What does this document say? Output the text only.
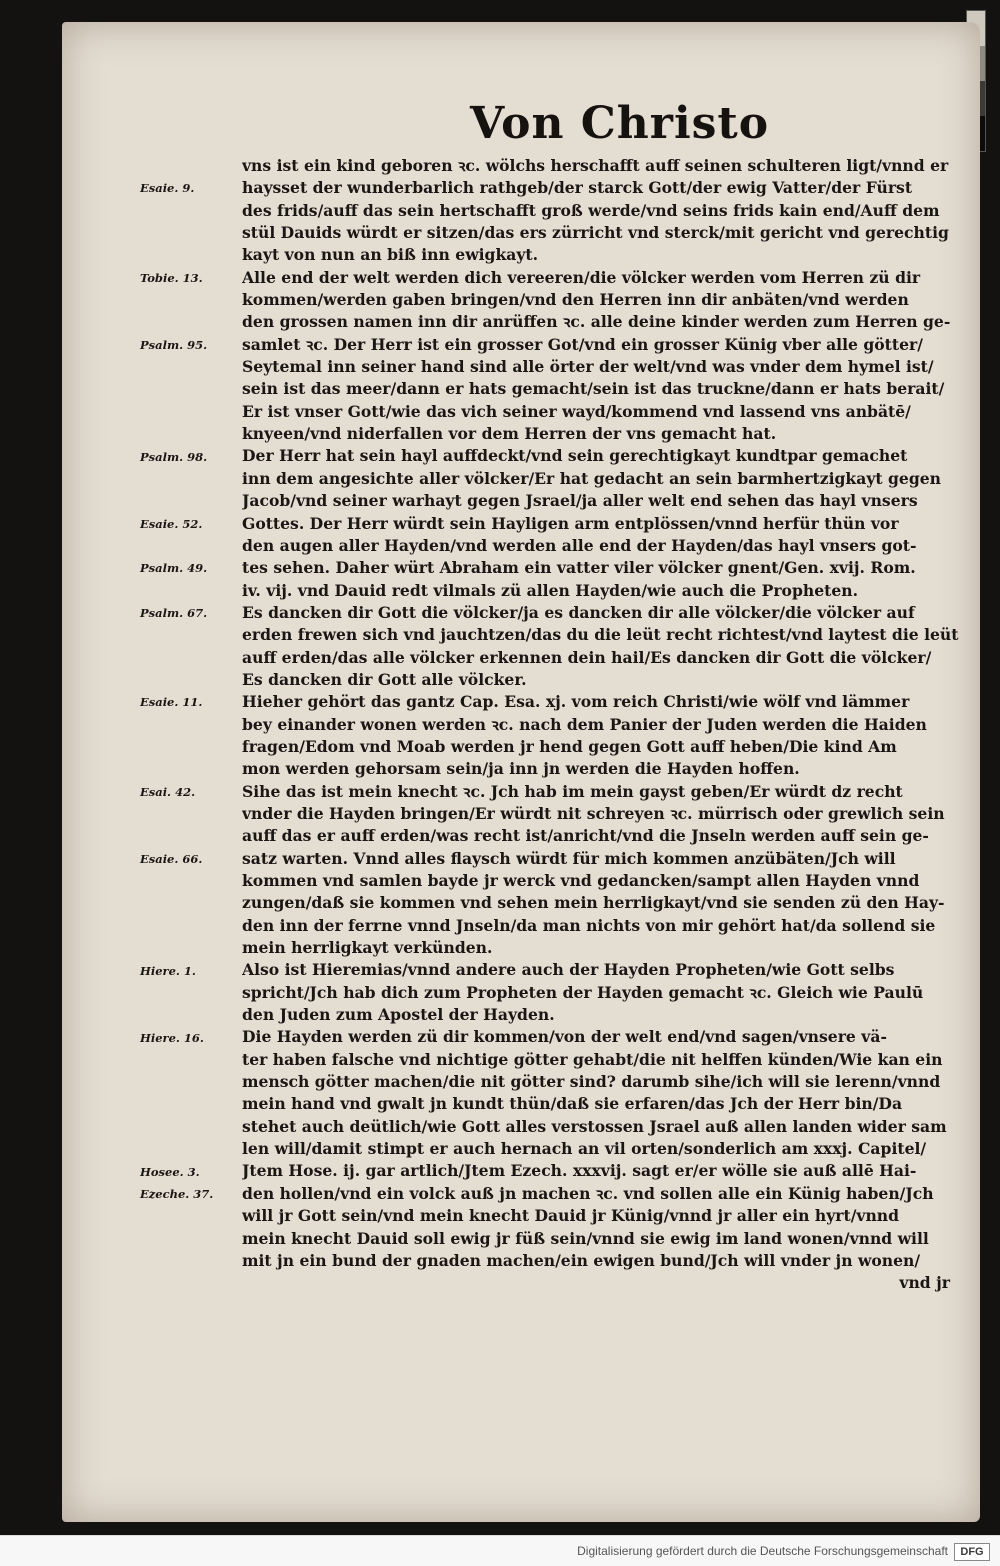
Von Christo
Esaie. 9.
Tobie. 13.
Psalm. 95.
Psalm. 98.
Esaie. 52.
Psalm. 49.
Psalm. 67.
Esaie. 11.
Esai. 42.
Esaie. 66.
Hiere. 1.
Hiere. 16.
Hosee. 3.
Ezeche. 37.
vns ist ein kind geboren ꝛc. wölchs herschafft auff seinen schulteren ligt/vnnd er
haysset der wunderbarlich rathgeb/der starck Gott/der ewig Vatter/der Fürst
des frids/auff das sein hertschafft groß werde/vnd seins frids kain end/Auff dem
stül Dauids würdt er sitzen/das ers zürricht vnd sterck/mit gericht vnd gerechtig
kayt von nun an biß inn ewigkayt.
Alle end der welt werden dich vereeren/die völcker werden vom Herren zü dir
kommen/werden gaben bringen/vnd den Herren inn dir anbäten/vnd werden
den grossen namen inn dir anrüffen ꝛc. alle deine kinder werden zum Herren ge-
samlet ꝛc. Der Herr ist ein grosser Got/vnd ein grosser Künig vber alle götter/
Seytemal inn seiner hand sind alle örter der welt/vnd was vnder dem hymel ist/
sein ist das meer/dann er hats gemacht/sein ist das truckne/dann er hats berait/
Er ist vnser Gott/wie das vich seiner wayd/kommend vnd lassend vns anbätē/
knyeen/vnd niderfallen vor dem Herren der vns gemacht hat.
Der Herr hat sein hayl auffdeckt/vnd sein gerechtigkayt kundtpar gemachet
inn dem angesichte aller völcker/Er hat gedacht an sein barmhertzigkayt gegen
Jacob/vnd seiner warhayt gegen Jsrael/ja aller welt end sehen das hayl vnsers
Gottes. Der Herr würdt sein Hayligen arm entplössen/vnnd herfür thün vor
den augen aller Hayden/vnd werden alle end der Hayden/das hayl vnsers got-
tes sehen. Daher würt Abraham ein vatter viler völcker gnent/Gen. xvij. Rom.
iv. vij. vnd Dauid redt vilmals zü allen Hayden/wie auch die Propheten.
Es dancken dir Gott die völcker/ja es dancken dir alle völcker/die völcker auf
erden frewen sich vnd jauchtzen/das du die leüt recht richtest/vnd laytest die leüt
auff erden/das alle völcker erkennen dein hail/Es dancken dir Gott die völcker/
Es dancken dir Gott alle völcker.
Hieher gehört das gantz Cap. Esa. xj. vom reich Christi/wie wölf vnd lämmer
bey einander wonen werden ꝛc. nach dem Panier der Juden werden die Haiden
fragen/Edom vnd Moab werden jr hend gegen Gott auff heben/Die kind Am
mon werden gehorsam sein/ja inn jn werden die Hayden hoffen.
Sihe das ist mein knecht ꝛc. Jch hab im mein gayst geben/Er würdt dz recht
vnder die Hayden bringen/Er würdt nit schreyen ꝛc. mürrisch oder grewlich sein
auff das er auff erden/was recht ist/anricht/vnd die Jnseln werden auff sein ge-
satz warten. Vnnd alles flaysch würdt für mich kommen anzübäten/Jch will
kommen vnd samlen bayde jr werck vnd gedancken/sampt allen Hayden vnnd
zungen/daß sie kommen vnd sehen mein herrligkayt/vnd sie senden zü den Hay-
den inn der ferrne vnnd Jnseln/da man nichts von mir gehört hat/da sollend sie
mein herrligkayt verkünden.
Also ist Hieremias/vnnd andere auch der Hayden Propheten/wie Gott selbs
spricht/Jch hab dich zum Propheten der Hayden gemacht ꝛc. Gleich wie Paulū
den Juden zum Apostel der Hayden.
Die Hayden werden zü dir kommen/von der welt end/vnd sagen/vnsere vä-
ter haben falsche vnd nichtige götter gehabt/die nit helffen künden/Wie kan ein
mensch götter machen/die nit götter sind? darumb sihe/ich will sie lerenn/vnnd
mein hand vnd gwalt jn kundt thün/daß sie erfaren/das Jch der Herr bin/Da
stehet auch deütlich/wie Gott alles verstossen Jsrael auß allen landen wider sam
len will/damit stimpt er auch hernach an vil orten/sonderlich am xxxj. Capitel/
Jtem Hose. ij. gar artlich/Jtem Ezech. xxxvij. sagt er/er wölle sie auß allē Hai-
den hollen/vnd ein volck auß jn machen ꝛc. vnd sollen alle ein Künig haben/Jch
will jr Gott sein/vnd mein knecht Dauid jr Künig/vnnd jr aller ein hyrt/vnnd
mein knecht Dauid soll ewig jr füß sein/vnnd sie ewig im land wonen/vnnd will
mit jn ein bund der gnaden machen/ein ewigen bund/Jch will vnder jn wonen/
vnd jr
Digitalisierung gefördert durch die Deutsche Forschungsgemeinschaft	DFG
